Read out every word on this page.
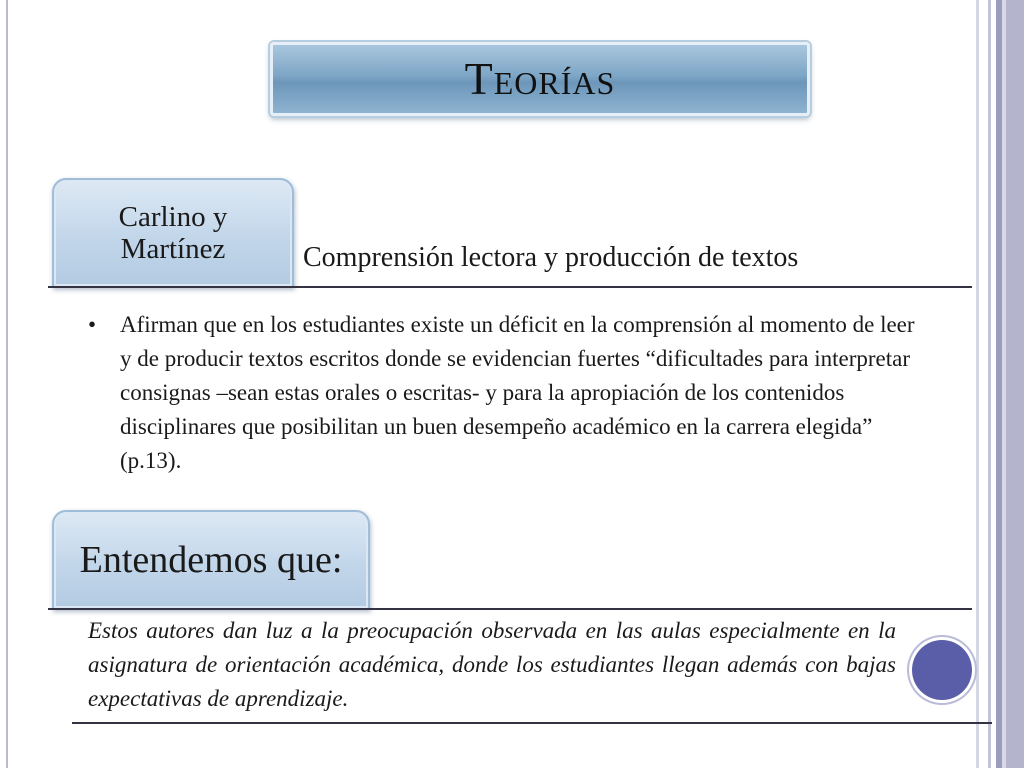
Teorías
Carlino y
Martínez	Comprensión lectora y producción de textos
• Afirman que en los estudiantes existe un déficit en la comprensión al momento de leer y de producir textos escritos donde se evidencian fuertes “dificultades para interpretar consignas –sean estas orales o escritas- y para la apropiación de los contenidos disciplinares que posibilitan un buen desempeño académico en la carrera elegida” (p.13).
Entendemos que:
Estos autores dan luz a la preocupación observada en las aulas especialmente en la asignatura de orientación académica, donde los estudiantes llegan además con bajas expectativas de aprendizaje.
